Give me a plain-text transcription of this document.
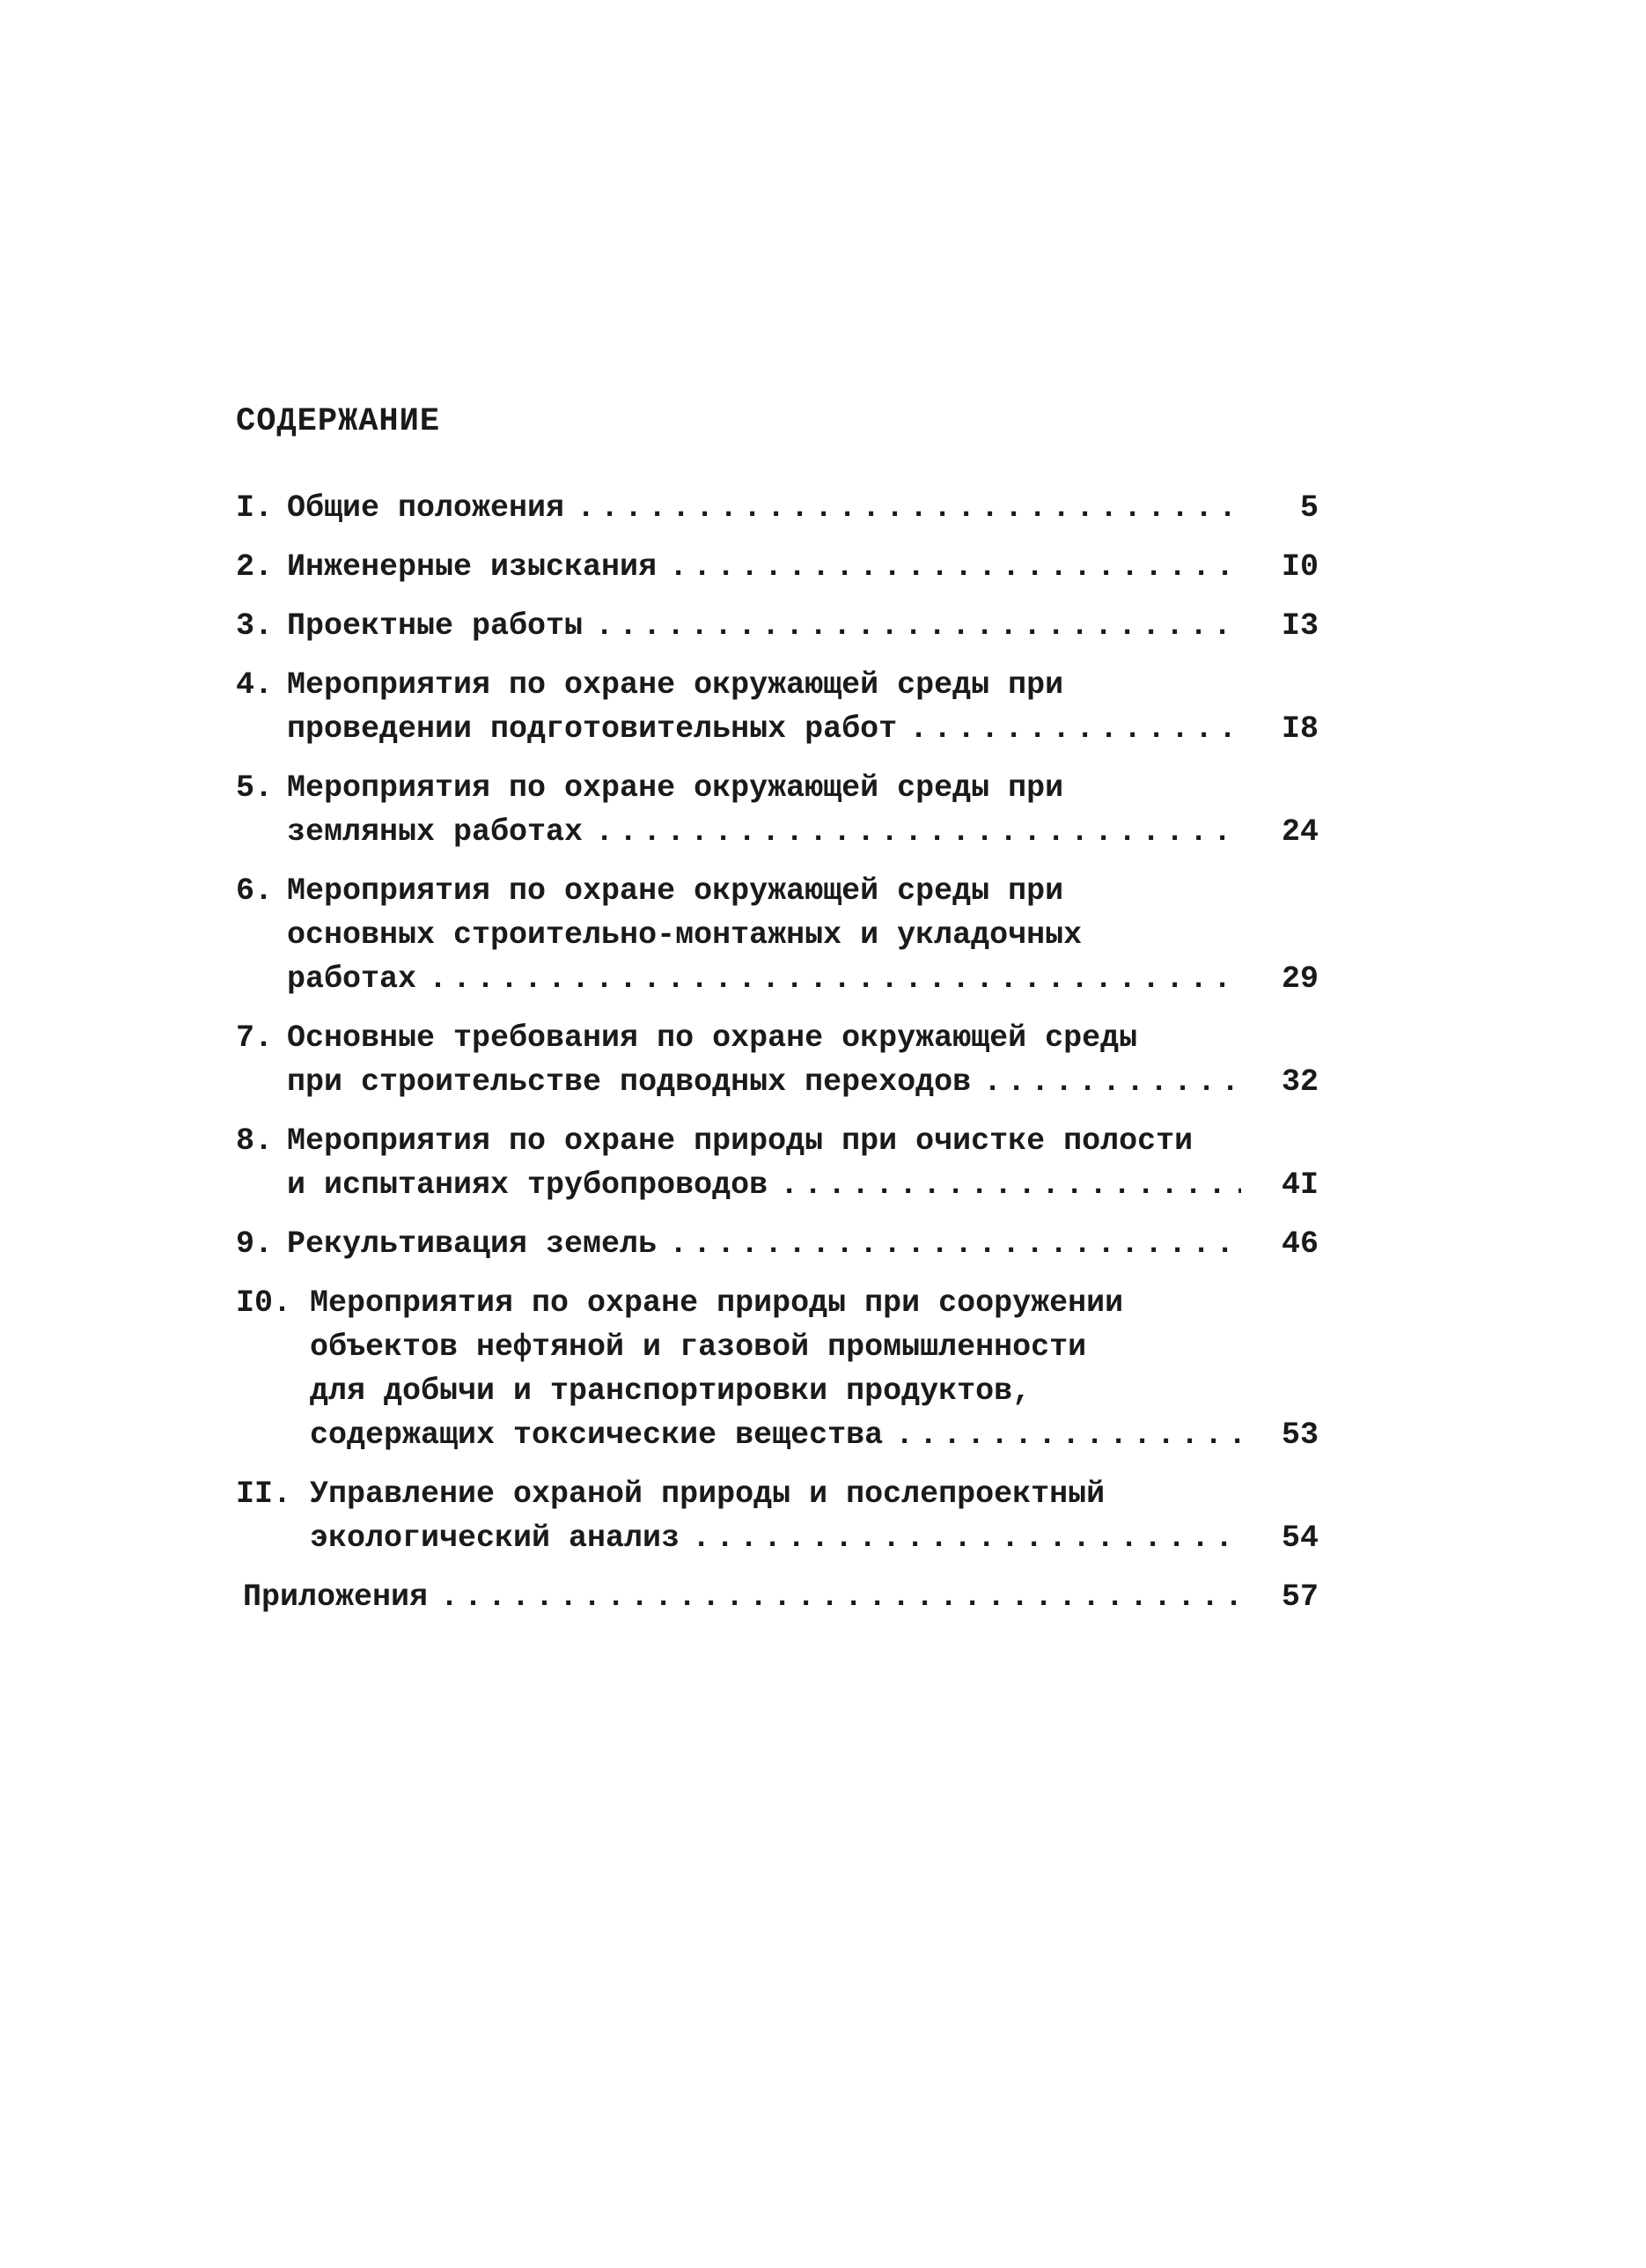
СОДЕРЖАНИЕ
I. Общие положения .....	5
2. Инженерные изыскания .....	I0
3. Проектные работы .....	I3
4. Мероприятия по охране окружающей среды при
проведении подготовительных работ .....	I8
5. Мероприятия по охране окружающей среды при
земляных работах .....	24
6. Мероприятия по охране окружающей среды при
основных строительно-монтажных и укладочных
работах .....	29
7. Основные требования по охране окружающей среды
при строительстве подводных переходов .....	32
8. Мероприятия по охране природы при очистке полости
и испытаниях трубопроводов .....	4I
9. Рекультивация земель .....	46
I0. Мероприятия по охране природы при сооружении
объектов нефтяной и газовой промышленности
для добычи и транспортировки продуктов,
содержащих токсические вещества .....	53
II. Управление охраной природы и послепроектный
экологический анализ .....	54
Приложения .....	57
